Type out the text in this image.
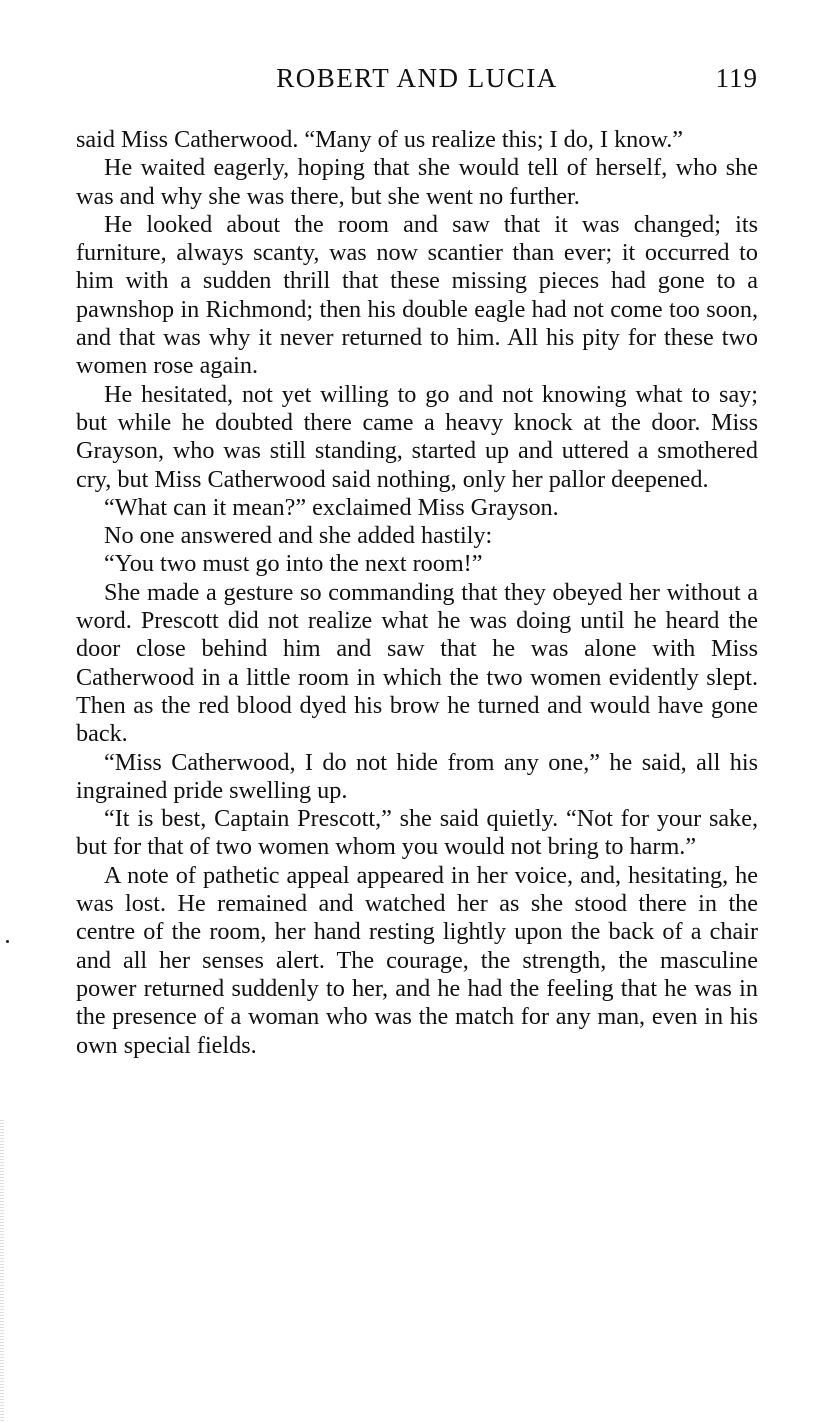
ROBERT AND LUCIA	119

said Miss Catherwood. “Many of us realize this; I do, I know.”

He waited eagerly, hoping that she would tell of herself, who she was and why she was there, but she went no further.

He looked about the room and saw that it was changed; its furniture, always scanty, was now scantier than ever; it occurred to him with a sudden thrill that these missing pieces had gone to a pawnshop in Richmond; then his double eagle had not come too soon, and that was why it never returned to him. All his pity for these two women rose again.

He hesitated, not yet willing to go and not knowing what to say; but while he doubted there came a heavy knock at the door. Miss Grayson, who was still standing, started up and uttered a smothered cry, but Miss Catherwood said nothing, only her pallor deepened.

“What can it mean?” exclaimed Miss Grayson.

No one answered and she added hastily:

“You two must go into the next room!”

She made a gesture so commanding that they obeyed her without a word. Prescott did not realize what he was doing until he heard the door close behind him and saw that he was alone with Miss Catherwood in a little room in which the two women evidently slept. Then as the red blood dyed his brow he turned and would have gone back.

“Miss Catherwood, I do not hide from any one,” he said, all his ingrained pride swelling up.

“It is best, Captain Prescott,” she said quietly. “Not for your sake, but for that of two women whom you would not bring to harm.”

A note of pathetic appeal appeared in her voice, and, hesitating, he was lost. He remained and watched her as she stood there in the centre of the room, her hand resting lightly upon the back of a chair and all her senses alert. The courage, the strength, the masculine power returned suddenly to her, and he had the feeling that he was in the presence of a woman who was the match for any man, even in his own special fields.
